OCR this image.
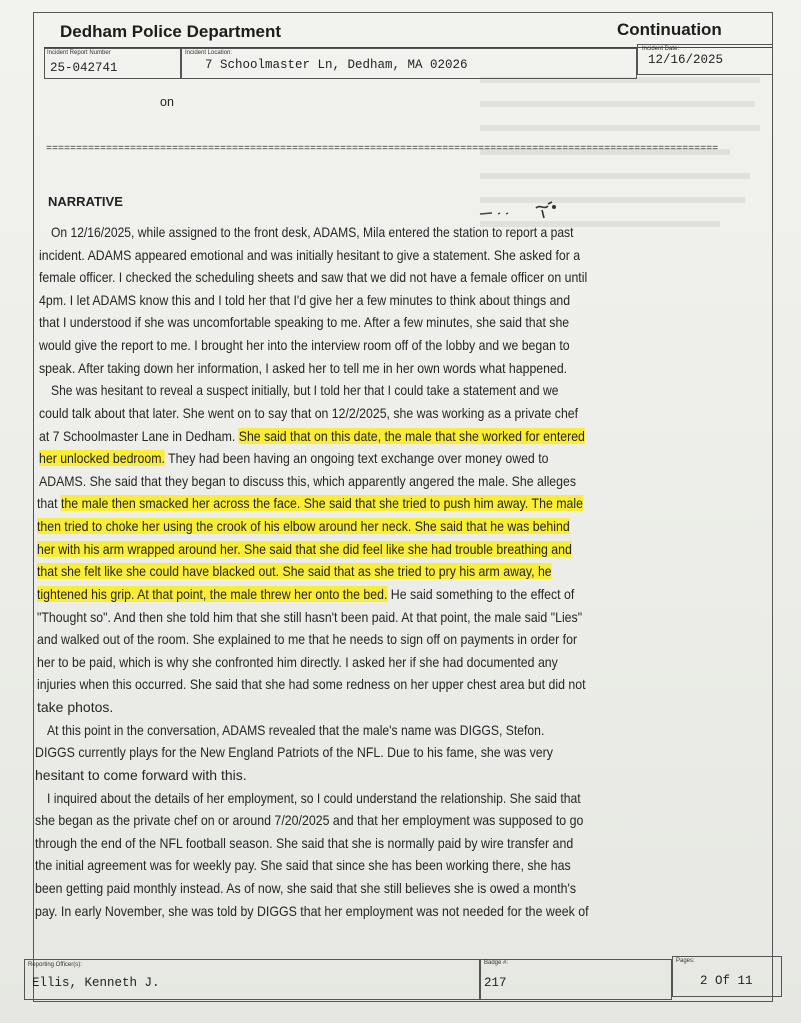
Dedham Police Department	Continuation
Incident Report Number
25-042741
Incident Location:
7 Schoolmaster Ln, Dedham, MA 02026
Incident Date:
12/16/2025
on
================================================================================================================
NARRATIVE
On 12/16/2025, while assigned to the front desk, ADAMS, Mila entered the station to report a past
incident. ADAMS appeared emotional and was initially hesitant to give a statement. She asked for a
female officer. I checked the scheduling sheets and saw that we did not have a female officer on until
4pm. I let ADAMS know this and I told her that I'd give her a few minutes to think about things and
that I understood if she was uncomfortable speaking to me. After a few minutes, she said that she
would give the report to me. I brought her into the interview room off of the lobby and we began to
speak. After taking down her information, I asked her to tell me in her own words what happened.
She was hesitant to reveal a suspect initially, but I told her that I could take a statement and we
could talk about that later. She went on to say that on 12/2/2025, she was working as a private chef
at 7 Schoolmaster Lane in Dedham. She said that on this date, the male that she worked for entered
her unlocked bedroom. They had been having an ongoing text exchange over money owed to
ADAMS. She said that they began to discuss this, which apparently angered the male. She alleges
that the male then smacked her across the face. She said that she tried to push him away. The male
then tried to choke her using the crook of his elbow around her neck. She said that he was behind
her with his arm wrapped around her. She said that she did feel like she had trouble breathing and
that she felt like she could have blacked out. She said that as she tried to pry his arm away, he
tightened his grip. At that point, the male threw her onto the bed. He said something to the effect of
"Thought so". And then she told him that she still hasn't been paid. At that point, the male said "Lies"
and walked out of the room. She explained to me that he needs to sign off on payments in order for
her to be paid, which is why she confronted him directly. I asked her if she had documented any
injuries when this occurred. She said that she had some redness on her upper chest area but did not
take photos.
At this point in the conversation, ADAMS revealed that the male's name was DIGGS, Stefon.
DIGGS currently plays for the New England Patriots of the NFL. Due to his fame, she was very
hesitant to come forward with this.
I inquired about the details of her employment, so I could understand the relationship. She said that
she began as the private chef on or around 7/20/2025 and that her employment was supposed to go
through the end of the NFL football season. She said that she is normally paid by wire transfer and
the initial agreement was for weekly pay. She said that since she has been working there, she has
been getting paid monthly instead. As of now, she said that she still believes she is owed a month's
pay. In early November, she was told by DIGGS that her employment was not needed for the week of
Reporting Officer(s):
Ellis, Kenneth J.
Badge #:
217
Pages:
2 Of 11
